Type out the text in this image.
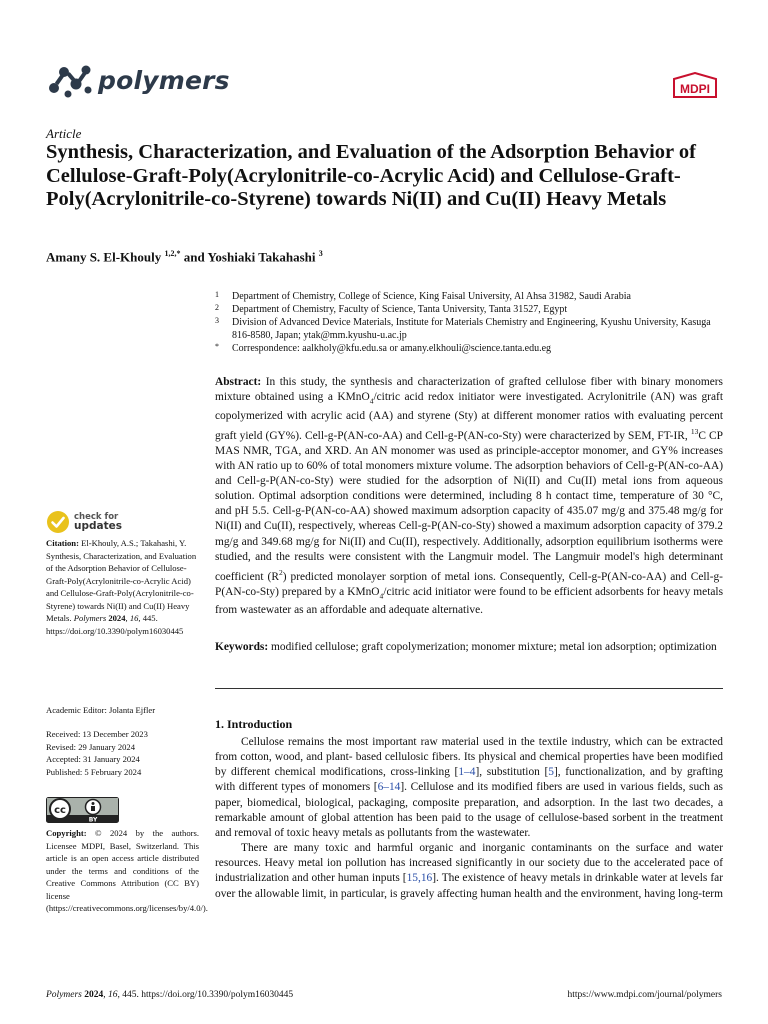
polymers	MDPI
Article
Synthesis, Characterization, and Evaluation of the Adsorption Behavior of Cellulose-Graft-Poly(Acrylonitrile-co-Acrylic Acid) and Cellulose-Graft-Poly(Acrylonitrile-co-Styrene) towards Ni(II) and Cu(II) Heavy Metals
Amany S. El-Khouly $^{1,2,*}$ and Yoshiaki Takahashi $^3$
1 Department of Chemistry, College of Science, King Faisal University, Al Ahsa 31982, Saudi Arabia
2 Department of Chemistry, Faculty of Science, Tanta University, Tanta 31527, Egypt
3 Division of Advanced Device Materials, Institute for Materials Chemistry and Engineering, Kyushu University, Kasuga 816-8580, Japan; ytak@mm.kyushu-u.ac.jp
* Correspondence: aalkholy@kfu.edu.sa or amany.elkhouli@science.tanta.edu.eg
Abstract: In this study, the synthesis and characterization of grafted cellulose fiber with binary monomers mixture obtained using a KMnO$_4$/citric acid redox initiator were investigated. Acrylonitrile (AN) was graft copolymerized with acrylic acid (AA) and styrene (Sty) at different monomer ratios with evaluating percent graft yield (GY%). Cell-g-P(AN-co-AA) and Cell-g-P(AN-co-Sty) were characterized by SEM, FT-IR, $^{13}$C CP MAS NMR, TGA, and XRD. An AN monomer was used as principle-acceptor monomer, and GY% increases with AN ratio up to 60% of total monomers mixture volume. The adsorption behaviors of Cell-g-P(AN-co-AA) and Cell-g-P(AN-co-Sty) were studied for the adsorption of Ni(II) and Cu(II) metal ions from aqueous solution. Optimal adsorption conditions were determined, including 8 h contact time, temperature of 30 °C, and pH 5.5. Cell-g-P(AN-co-AA) showed maximum adsorption capacity of 435.07 mg/g and 375.48 mg/g for Ni(II) and Cu(II), respectively, whereas Cell-g-P(AN-co-Sty) showed a maximum adsorption capacity of 379.2 mg/g and 349.68 mg/g for Ni(II) and Cu(II), respectively. Additionally, adsorption equilibrium isotherms were studied, and the results were consistent with the Langmuir model. The Langmuir model's high determinant coefficient $(R^2)$ predicted monolayer sorption of metal ions. Consequently, Cell-g-P(AN-co-AA) and Cell-g-P(AN-co-Sty) prepared by a KMnO$_4$/citric acid initiator were found to be efficient adsorbents for heavy metals from wastewater as an affordable and adequate alternative.
Keywords: modified cellulose; graft copolymerization; monomer mixture; metal ion adsorption; optimization
1. Introduction

Cellulose remains the most important raw material used in the textile industry, which can be extracted from cotton, wood, and plant- based cellulosic fibers. Its physical and chemical properties have been modified by different chemical modifications, cross-linking [1–4], substitution [5], functionalization, and by grafting with different types of monomers [6–14]. Cellulose and its modified fibers are used in various fields, such as paper, biomedical, biological, packaging, composite preparation, and adsorption. In the last two decades, a remarkable amount of global attention has been paid to the usage of cellulose-based sorbent in the treatment and removal of toxic heavy metals as pollutants from the wastewater.

There are many toxic and harmful organic and inorganic contaminants on the surface and water resources. Heavy metal ion pollution has increased significantly in our society due to the accelerated pace of industrialization and other human inputs [15,16]. The existence of heavy metals in drinkable water at levels far over the allowable limit, in particular, is gravely affecting human health and the environment, having long-term

check for
updates
Citation: El-Khouly, A.S.; Takahashi, Y. Synthesis, Characterization, and Evaluation of the Adsorption Behavior of Cellulose-Graft-Poly(Acrylonitrile-co-Acrylic Acid) and Cellulose-Graft-Poly(Acrylonitrile-co-Styrene) towards Ni(II) and Cu(II) Heavy Metals. Polymers 2024, 16, 445. https://doi.org/10.3390/polym16030445
Academic Editor: Jolanta Ejfler
Received: 13 December 2023
Revised: 29 January 2024
Accepted: 31 January 2024
Published: 5 February 2024
cc
BY
Copyright: © 2024 by the authors. Licensee MDPI, Basel, Switzerland. This article is an open access article distributed under the terms and conditions of the Creative Commons Attribution (CC BY) license (https://creativecommons.org/licenses/by/4.0/).
Polymers 2024, 16, 445. https://doi.org/10.3390/polym16030445	https://www.mdpi.com/journal/polymers
